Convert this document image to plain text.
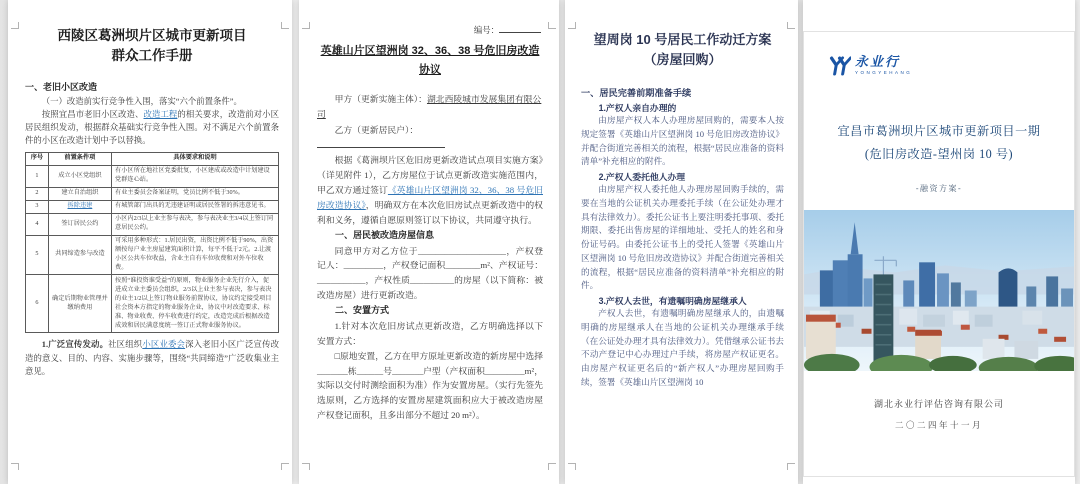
西陵区葛洲坝片区城市更新项目
群众工作手册
一、老旧小区改造

（一）改造前实行竞争性入围，落实“六个前置条件”。

按照宜昌市老旧小区改造、改造工程的相关要求，改造前对小区居民组织发动，根据群众基础实行竞争性入围。对不满足六个前置条件的小区在改造计划中予以替换。

序号	前置条件项	具体要求和说明
1	成立小区党组织	有小区所在地社区党委批复，小区建成或改造中计划建设党群连心站。
2	建立自治组织	有业主委员会备案证明，党员比例不低于30%。
3	拆除违建	有城管部门出具的无违建证明或居民签署的拆违意见书。
4	签订居民公约	小区内2/3以上业主参与表决，参与表决业主3/4以上签订同意居民公约。
5	共同缔造参与改造	可采用多种形式：1.居民出资，出资比例不低于90%，出资额按每户业主房屋建筑面积计算，每平不低于2元。2.让渡小区公共车位收益，含业主自有车位收费和对外车位收费。
6	确定后期物业管理并缴纳费用	按照“谁投资谁受益”的原则，物业服务企业先行介入，促进成立业主委员会组织，2/3以上业主参与表决，参与表决的业主1/2以上签订物业服务前置协议，协议约定接受项目社会资本方指定的物业服务企业，协议中对改造要求、标准、物业收费、停车收费进行约定，改造完成后根据改造成效和居民满意度统一签订正式物业服务协议。

1.广泛宣传发动。社区组织小区业委会深入老旧小区广泛宣传改造的意义、目的、内容、实施步骤等，围绕“共同缔造”广泛收集业主意见。

编号：
英雄山片区望洲岗 32、36、38 号危旧房改造协议
甲方（更新实施主体）：湖北西陵城市发展集团有限公司
乙方（更新居民户）：

根据《葛洲坝片区危旧房更新改造试点项目实施方案》（详见附件 1），乙方房屋位于试点更新改造实施范围内，甲乙双方通过签订《英雄山片区望洲岗 32、36、38 号危旧房改造协议》，明确双方在本次危旧房试点更新改造中的权利和义务，遵循自愿原则签订以下协议，共同遵守执行。

一、居民被改造房屋信息

同意甲方对乙方位于____________________，产权登记人：_________，产权登记面积________m²、产权证号：___________，产权性质__________的房屋（以下简称：被改造房屋）进行更新改造。

二、安置方式

1.针对本次危旧房试点更新改造，乙方明确选择以下安置方式：

□原地安置，乙方在甲方原址更新改造的新房屋中选择_______栋______号_______户型（产权面积_________m²，实际以交付时测绘面积为准）作为安置房屋。（实行先签先选原则，乙方选择的安置房屋建筑面积应大于被改造房屋产权登记面积，且多出部分不超过 20 m²）。

望周岗 10 号居民工作动迁方案
（房屋回购）
一、居民完善前期准备手续
1.产权人亲自办理的

由房屋产权人本人办理房屋回购的，需要本人按规定签署《英雄山片区望洲岗 10 号危旧房改造协议》并配合街道完善相关的流程，根据“居民应准备的资料清单”补充相应的附件。

2.产权人委托他人办理

由房屋产权人委托他人办理房屋回购手续的，需要在当地的公证机关办理委托手续（在公证处办理才具有法律效力）。委托公证书上要注明委托事项、委托期限、委托出售房屋的详细地址、受托人的姓名和身份证号码。由委托公证书上的受托人签署《英雄山片区望洲岗 10 号危旧房改造协议》并配合街道完善相关的流程，根据“居民应准备的资料清单”补充相应的附件。

3.产权人去世，有遗嘱明确房屋继承人

产权人去世，有遗嘱明确房屋继承人的，由遗嘱明确的房屋继承人在当地的公证机关办理继承手续（在公证处办理才具有法律效力）。凭借继承公证书去不动产登记中心办理过户手续，将房屋产权证更名。由房屋产权证更名后的“新产权人”办理房屋回购手续，签署《英雄山片区望洲岗 10

永业行
YONGYEHANG
宜昌市葛洲坝片区城市更新项目一期
(危旧房改造-望州岗 10 号)
-融资方案-
湖北永业行评估咨询有限公司
二〇二四年十一月
